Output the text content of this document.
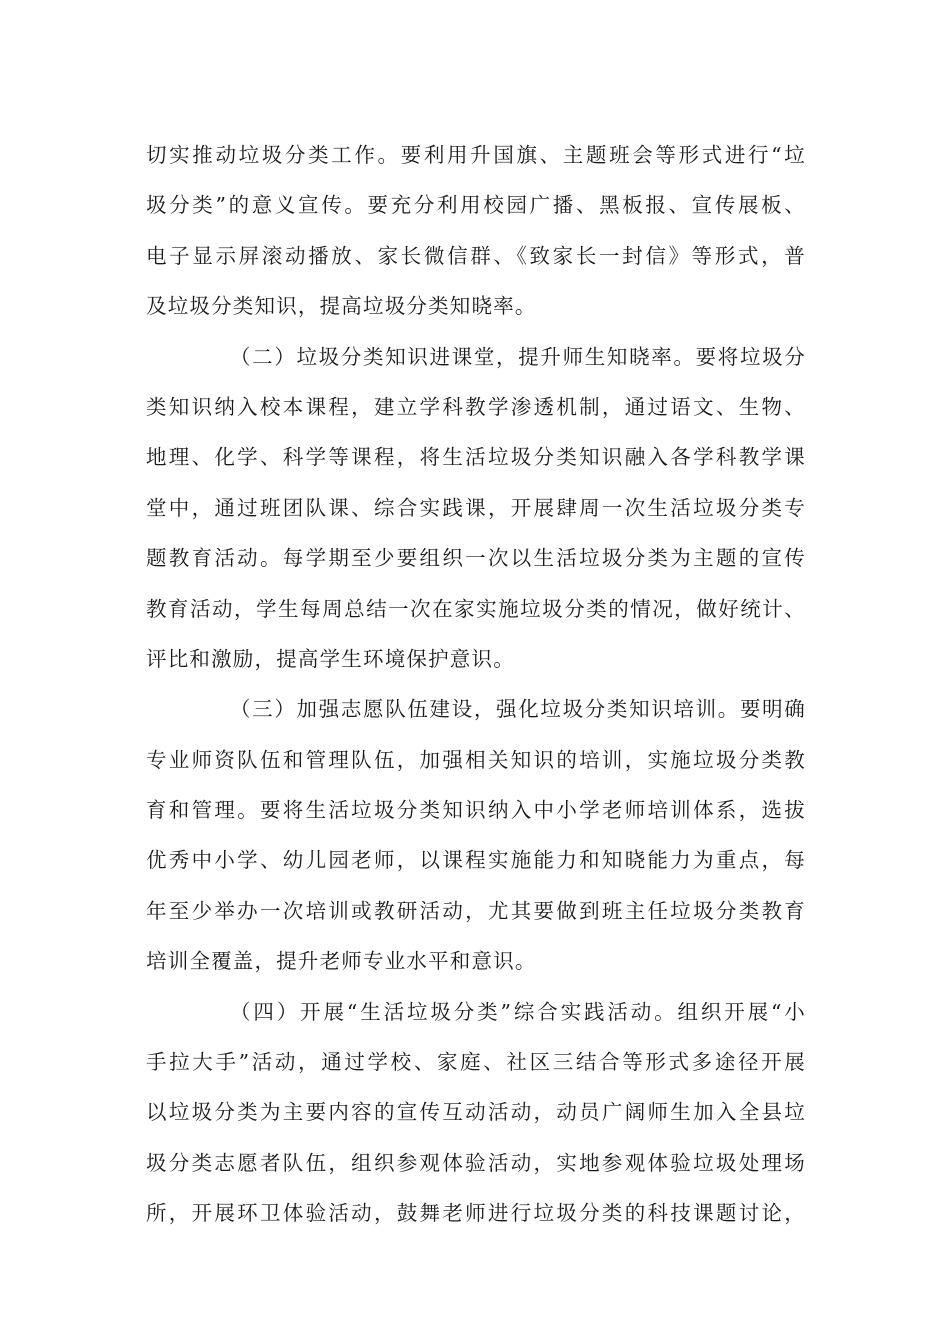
切实推动垃圾分类工作。要利用升国旗、主题班会等形式进行“垃
圾分类”的意义宣传。要充分利用校园广播、黑板报、宣传展板、
电子显示屏滚动播放、家长微信群、《致家长一封信》等形式，普
及垃圾分类知识，提高垃圾分类知晓率。
（二）垃圾分类知识进课堂，提升师生知晓率。要将垃圾分
类知识纳入校本课程，建立学科教学渗透机制，通过语文、生物、
地理、化学、科学等课程，将生活垃圾分类知识融入各学科教学课
堂中，通过班团队课、综合实践课，开展肆周一次生活垃圾分类专
题教育活动。每学期至少要组织一次以生活垃圾分类为主题的宣传
教育活动，学生每周总结一次在家实施垃圾分类的情况，做好统计、
评比和激励，提高学生环境保护意识。
（三）加强志愿队伍建设，强化垃圾分类知识培训。要明确
专业师资队伍和管理队伍，加强相关知识的培训，实施垃圾分类教
育和管理。要将生活垃圾分类知识纳入中小学老师培训体系，选拔
优秀中小学、幼儿园老师，以课程实施能力和知晓能力为重点，每
年至少举办一次培训或教研活动，尤其要做到班主任垃圾分类教育
培训全覆盖，提升老师专业水平和意识。
（四）开展“生活垃圾分类”综合实践活动。组织开展“小
手拉大手”活动，通过学校、家庭、社区三结合等形式多途径开展
以垃圾分类为主要内容的宣传互动活动，动员广阔师生加入全县垃
圾分类志愿者队伍，组织参观体验活动，实地参观体验垃圾处理场
所，开展环卫体验活动，鼓舞老师进行垃圾分类的科技课题讨论，
